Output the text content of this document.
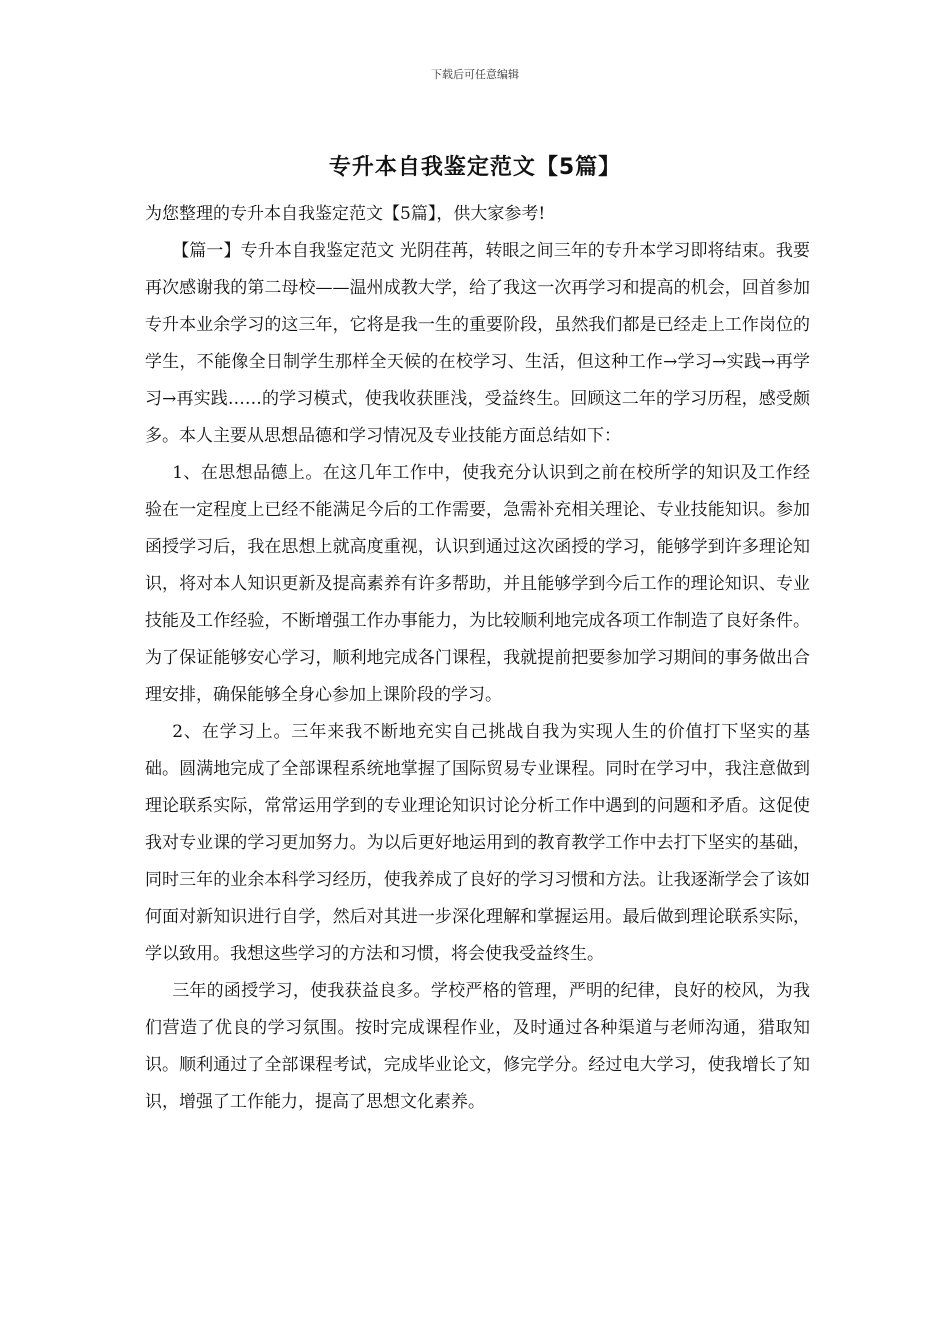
下载后可任意编辑
专升本自我鉴定范文【5篇】

为您整理的专升本自我鉴定范文【5篇】，供大家参考!

【篇一】专升本自我鉴定范文 光阴荏苒，转眼之间三年的专升本学习即将结束。我要再次感谢我的第二母校——温州成教大学，给了我这一次再学习和提高的机会，回首参加专升本业余学习的这三年，它将是我一生的重要阶段，虽然我们都是已经走上工作岗位的学生，不能像全日制学生那样全天候的在校学习、生活，但这种工作→学习→实践→再学习→再实践……的学习模式，使我收获匪浅，受益终生。回顾这二年的学习历程，感受颇多。本人主要从思想品德和学习情况及专业技能方面总结如下：

1、在思想品德上。在这几年工作中，使我充分认识到之前在校所学的知识及工作经验在一定程度上已经不能满足今后的工作需要，急需补充相关理论、专业技能知识。参加函授学习后，我在思想上就高度重视，认识到通过这次函授的学习，能够学到许多理论知识，将对本人知识更新及提高素养有许多帮助，并且能够学到今后工作的理论知识、专业技能及工作经验，不断增强工作办事能力，为比较顺利地完成各项工作制造了良好条件。为了保证能够安心学习，顺利地完成各门课程，我就提前把要参加学习期间的事务做出合理安排，确保能够全身心参加上课阶段的学习。

2、在学习上。三年来我不断地充实自己挑战自我为实现人生的价值打下坚实的基础。圆满地完成了全部课程系统地掌握了国际贸易专业课程。同时在学习中，我注意做到理论联系实际，常常运用学到的专业理论知识讨论分析工作中遇到的问题和矛盾。这促使我对专业课的学习更加努力。为以后更好地运用到的教育教学工作中去打下坚实的基础，同时三年的业余本科学习经历，使我养成了良好的学习习惯和方法。让我逐渐学会了该如何面对新知识进行自学，然后对其进一步深化理解和掌握运用。最后做到理论联系实际，学以致用。我想这些学习的方法和习惯，将会使我受益终生。

三年的函授学习，使我获益良多。学校严格的管理，严明的纪律，良好的校风，为我们营造了优良的学习氛围。按时完成课程作业，及时通过各种渠道与老师沟通，猎取知识。顺利通过了全部课程考试，完成毕业论文，修完学分。经过电大学习，使我增长了知识，增强了工作能力，提高了思想文化素养。
